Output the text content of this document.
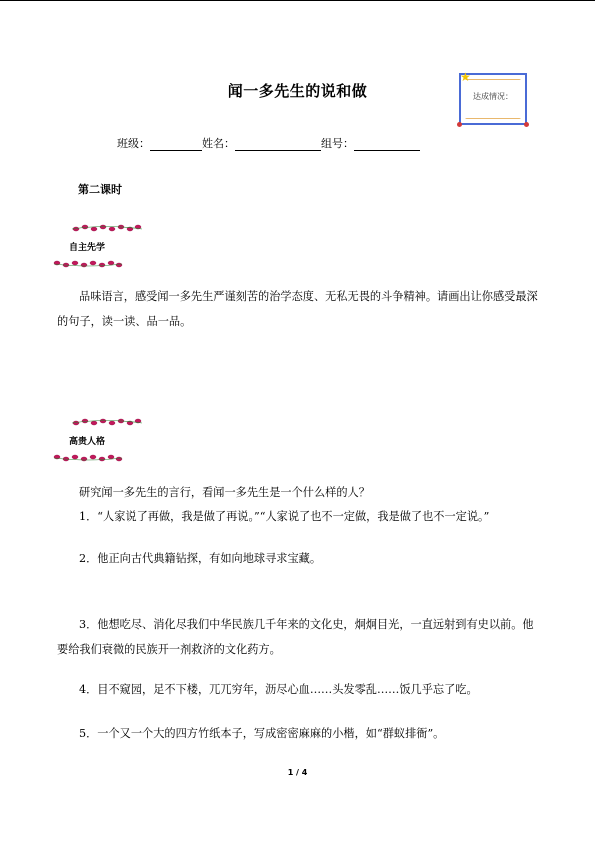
闻一多先生的说和做	达成情况：
★
班级：	姓名：	组号：
第二课时
自主先学
品味语言，感受闻一多先生严谨刻苦的治学态度、无私无畏的斗争精神。请画出让你感受最深的句子，读一读、品一品。
高贵人格
研究闻一多先生的言行，看闻一多先生是一个什么样的人？
1．“人家说了再做，我是做了再说。”“人家说了也不一定做，我是做了也不一定说。”
2．他正向古代典籍钻探，有如向地球寻求宝藏。
3．他想吃尽、消化尽我们中华民族几千年来的文化史，炯炯目光，一直远射到有史以前。他要给我们衰微的民族开一剂救济的文化药方。
4．目不窥园，足不下楼，兀兀穷年，沥尽心血……头发零乱……饭几乎忘了吃。
5．一个又一个大的四方竹纸本子，写成密密麻麻的小楷，如“群蚁排衙”。
1 / 4
